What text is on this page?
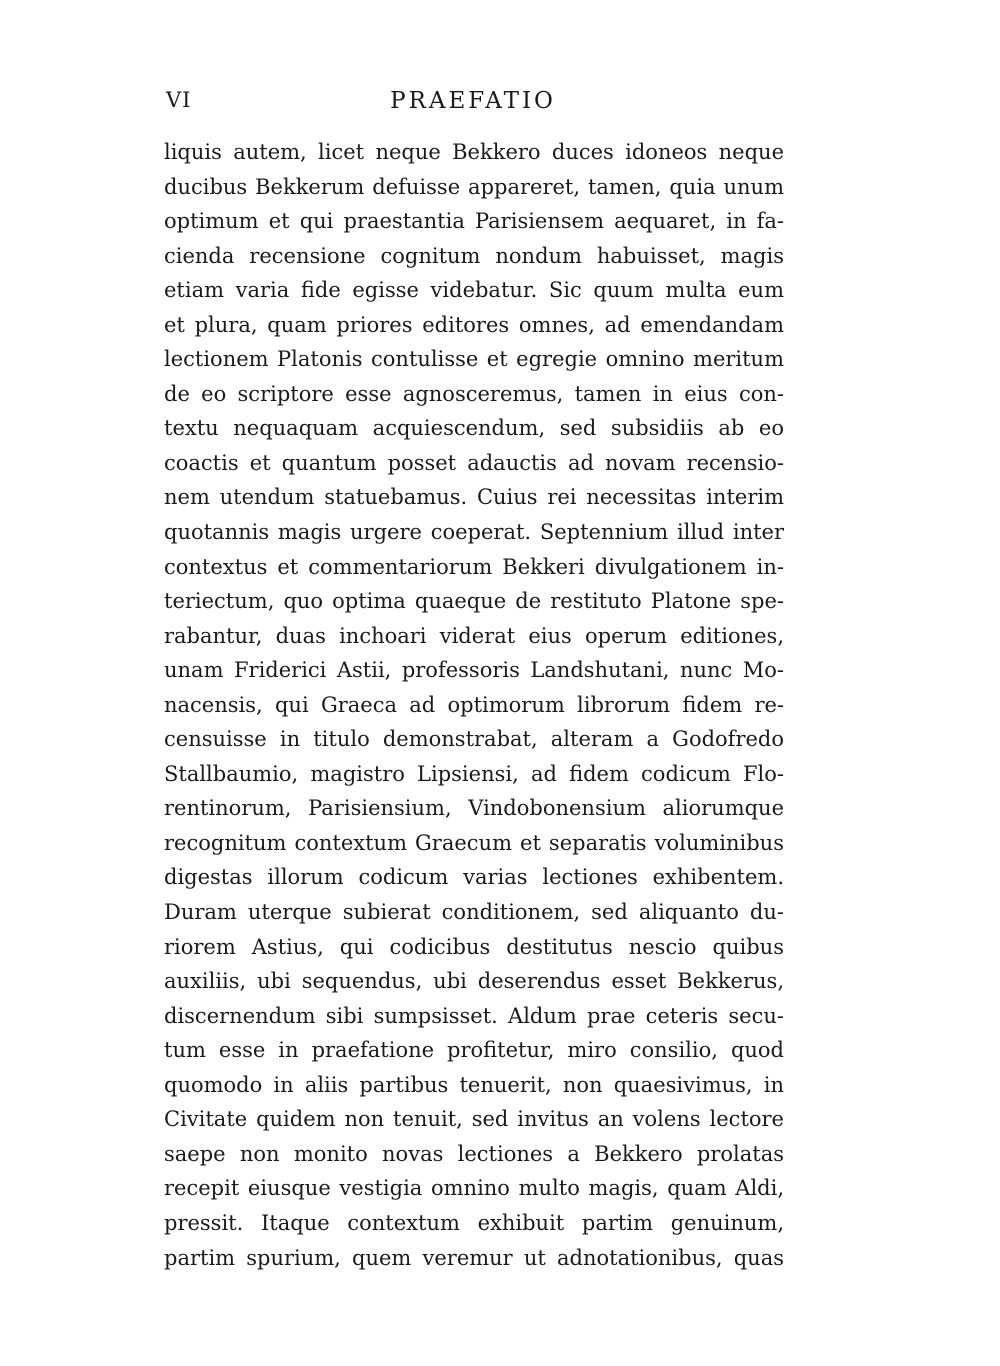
VI	PRAEFATIO
liquis autem, licet neque Bekkero duces idoneos neque
ducibus Bekkerum defuisse appareret, tamen, quia unum
optimum et qui praestantia Parisiensem aequaret, in fa-
cienda recensione cognitum nondum habuisset, magis
etiam varia fide egisse videbatur. Sic quum multa eum
et plura, quam priores editores omnes, ad emendandam
lectionem Platonis contulisse et egregie omnino meritum
de eo scriptore esse agnosceremus, tamen in eius con-
textu nequaquam acquiescendum, sed subsidiis ab eo
coactis et quantum posset adauctis ad novam recensio-
nem utendum statuebamus. Cuius rei necessitas interim
quotannis magis urgere coeperat. Septennium illud inter
contextus et commentariorum Bekkeri divulgationem in-
teriectum, quo optima quaeque de restituto Platone spe-
rabantur, duas inchoari viderat eius operum editiones,
unam Friderici Astii, professoris Landshutani, nunc Mo-
nacensis, qui Graeca ad optimorum librorum fidem re-
censuisse in titulo demonstrabat, alteram a Godofredo
Stallbaumio, magistro Lipsiensi, ad fidem codicum Flo-
rentinorum, Parisiensium, Vindobonensium aliorumque
recognitum contextum Graecum et separatis voluminibus
digestas illorum codicum varias lectiones exhibentem.
Duram uterque subierat conditionem, sed aliquanto du-
riorem Astius, qui codicibus destitutus nescio quibus
auxiliis, ubi sequendus, ubi deserendus esset Bekkerus,
discernendum sibi sumpsisset. Aldum prae ceteris secu-
tum esse in praefatione profitetur, miro consilio, quod
quomodo in aliis partibus tenuerit, non quaesivimus, in
Civitate quidem non tenuit, sed invitus an volens lectore
saepe non monito novas lectiones a Bekkero prolatas
recepit eiusque vestigia omnino multo magis, quam Aldi,
pressit. Itaque contextum exhibuit partim genuinum,
partim spurium, quem veremur ut adnotationibus, quas
